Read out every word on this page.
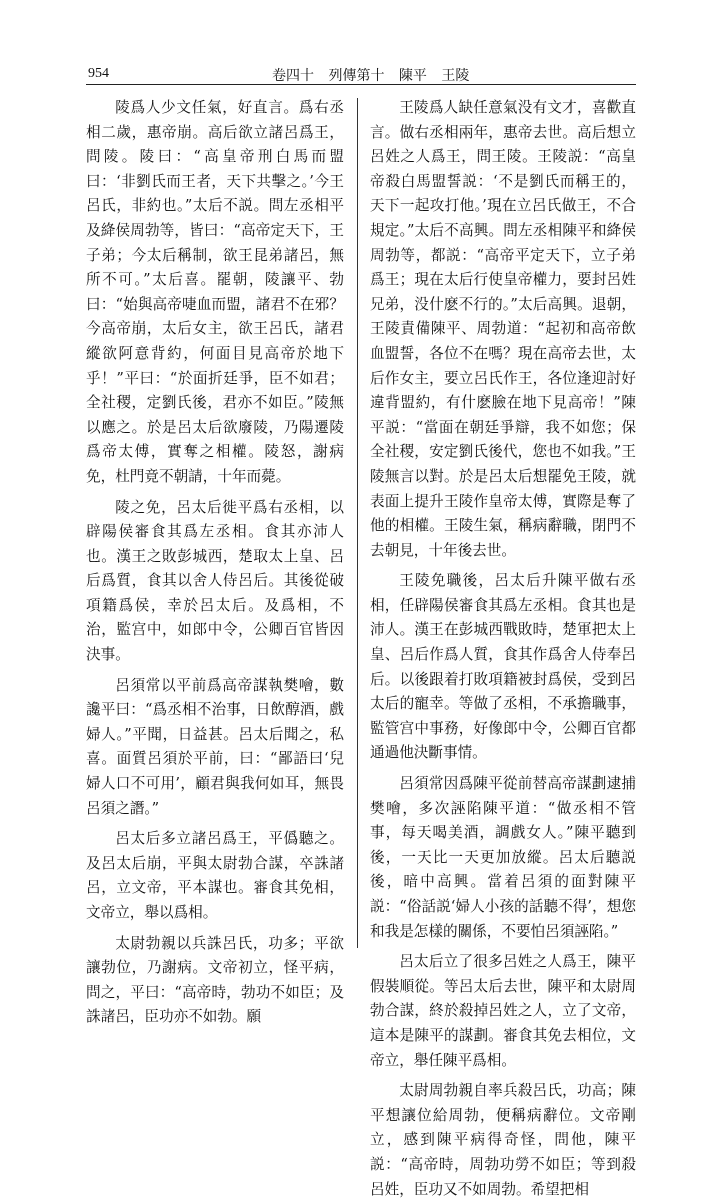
954	卷四十 列傳第十 陳平 王陵

陵爲人少文任氣，好直言。爲右丞相二歲，惠帝崩。高后欲立諸呂爲王，問陵。陵曰：“高皇帝刑白馬而盟曰：‘非劉氏而王者，天下共擊之。’今王呂氏，非約也。”太后不説。問左丞相平及絳侯周勃等，皆曰：“高帝定天下，王子弟；今太后稱制，欲王昆弟諸呂，無所不可。”太后喜。罷朝，陵讓平、勃曰：“始與高帝啑血而盟，諸君不在邪？今高帝崩，太后女主，欲王呂氏，諸君縱欲阿意背約，何面目見高帝於地下乎！”平曰：“於面折廷爭，臣不如君；全社稷，定劉氏後，君亦不如臣。”陵無以應之。於是呂太后欲廢陵，乃陽遷陵爲帝太傅，實奪之相權。陵怒，謝病免，杜門竟不朝請，十年而薨。

陵之免，呂太后徙平爲右丞相，以辟陽侯審食其爲左丞相。食其亦沛人也。漢王之敗彭城西，楚取太上皇、呂后爲質，食其以舍人侍呂后。其後從破項籍爲侯，幸於呂太后。及爲相，不治，監宫中，如郎中令，公卿百官皆因決事。

呂須常以平前爲高帝謀執樊噲，數讒平曰：“爲丞相不治事，日飲醇酒，戲婦人。”平聞，日益甚。呂太后聞之，私喜。面質呂須於平前，曰：“鄙語曰‘兒婦人口不可用’，顧君與我何如耳，無畏呂須之譖。”

呂太后多立諸呂爲王，平僞聽之。及呂太后崩，平與太尉勃合謀，卒誅諸呂，立文帝，平本謀也。審食其免相，文帝立，舉以爲相。

太尉勃親以兵誅呂氏，功多；平欲讓勃位，乃謝病。文帝初立，怪平病，問之，平曰：“高帝時，勃功不如臣；及誅諸呂，臣功亦不如勃。願

王陵爲人缺任意氣没有文才，喜歡直言。做右丞相兩年，惠帝去世。高后想立呂姓之人爲王，問王陵。王陵説：“高皇帝殺白馬盟誓説：‘不是劉氏而稱王的，天下一起攻打他。’現在立呂氏做王，不合規定。”太后不高興。問左丞相陳平和絳侯周勃等，都説：“高帝平定天下，立子弟爲王；現在太后行使皇帝權力，要封呂姓兄弟，没什麽不行的。”太后高興。退朝，王陵責備陳平、周勃道：“起初和高帝飲血盟誓，各位不在嗎？現在高帝去世，太后作女主，要立呂氏作王，各位逢迎討好違背盟約，有什麽臉在地下見高帝！”陳平説：“當面在朝廷爭辯，我不如您；保全社稷，安定劉氏後代，您也不如我。”王陵無言以對。於是呂太后想罷免王陵，就表面上提升王陵作皇帝太傅，實際是奪了他的相權。王陵生氣，稱病辭職，閉門不去朝見，十年後去世。

王陵免職後，呂太后升陳平做右丞相，任辟陽侯審食其爲左丞相。食其也是沛人。漢王在彭城西戰敗時，楚軍把太上皇、呂后作爲人質，食其作爲舍人侍奉呂后。以後跟着打敗項籍被封爲侯，受到呂太后的寵幸。等做了丞相，不承擔職事，監管宫中事務，好像郎中令，公卿百官都通過他決斷事情。

呂須常因爲陳平從前替高帝謀劃逮捕樊噲，多次誣陷陳平道：“做丞相不管事，每天喝美酒，調戲女人。”陳平聽到後，一天比一天更加放縱。呂太后聽説後，暗中高興。當着呂須的面對陳平説：“俗話説‘婦人小孩的話聽不得’，想您和我是怎樣的關係，不要怕呂須誣陷。”

呂太后立了很多呂姓之人爲王，陳平假裝順從。等呂太后去世，陳平和太尉周勃合謀，終於殺掉呂姓之人，立了文帝，這本是陳平的謀劃。審食其免去相位，文帝立，舉任陳平爲相。

太尉周勃親自率兵殺呂氏，功高；陳平想讓位給周勃，便稱病辭位。文帝剛立，感到陳平病得奇怪，問他，陳平説：“高帝時，周勃功勞不如臣；等到殺呂姓，臣功又不如周勃。希望把相
